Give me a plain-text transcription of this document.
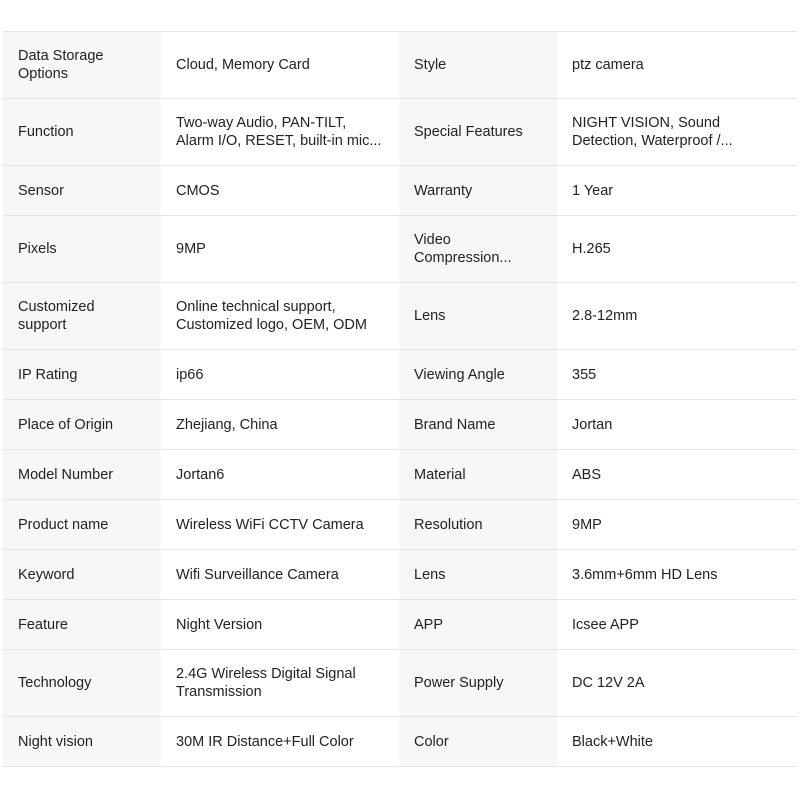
Data Storage Options	Cloud, Memory Card	Style	ptz camera

Function	Two-way Audio, PAN-TILT, Alarm I/O, RESET, built-in mic...	Special Features	NIGHT VISION, Sound Detection, Waterproof /...

Sensor	CMOS	Warranty	1 Year

Pixels	9MP	Video Compression...	H.265

Customized support	Online technical support, Customized logo, OEM, ODM	Lens	2.8-12mm

IP Rating	ip66	Viewing Angle	355

Place of Origin	Zhejiang, China	Brand Name	Jortan

Model Number	Jortan6	Material	ABS

Product name	Wireless WiFi CCTV Camera	Resolution	9MP

Keyword	Wifi Surveillance Camera	Lens	3.6mm+6mm HD Lens

Feature	Night Version	APP	Icsee APP

Technology	2.4G Wireless Digital Signal Transmission	Power Supply	DC 12V 2A

Night vision	30M IR Distance+Full Color	Color	Black+White
